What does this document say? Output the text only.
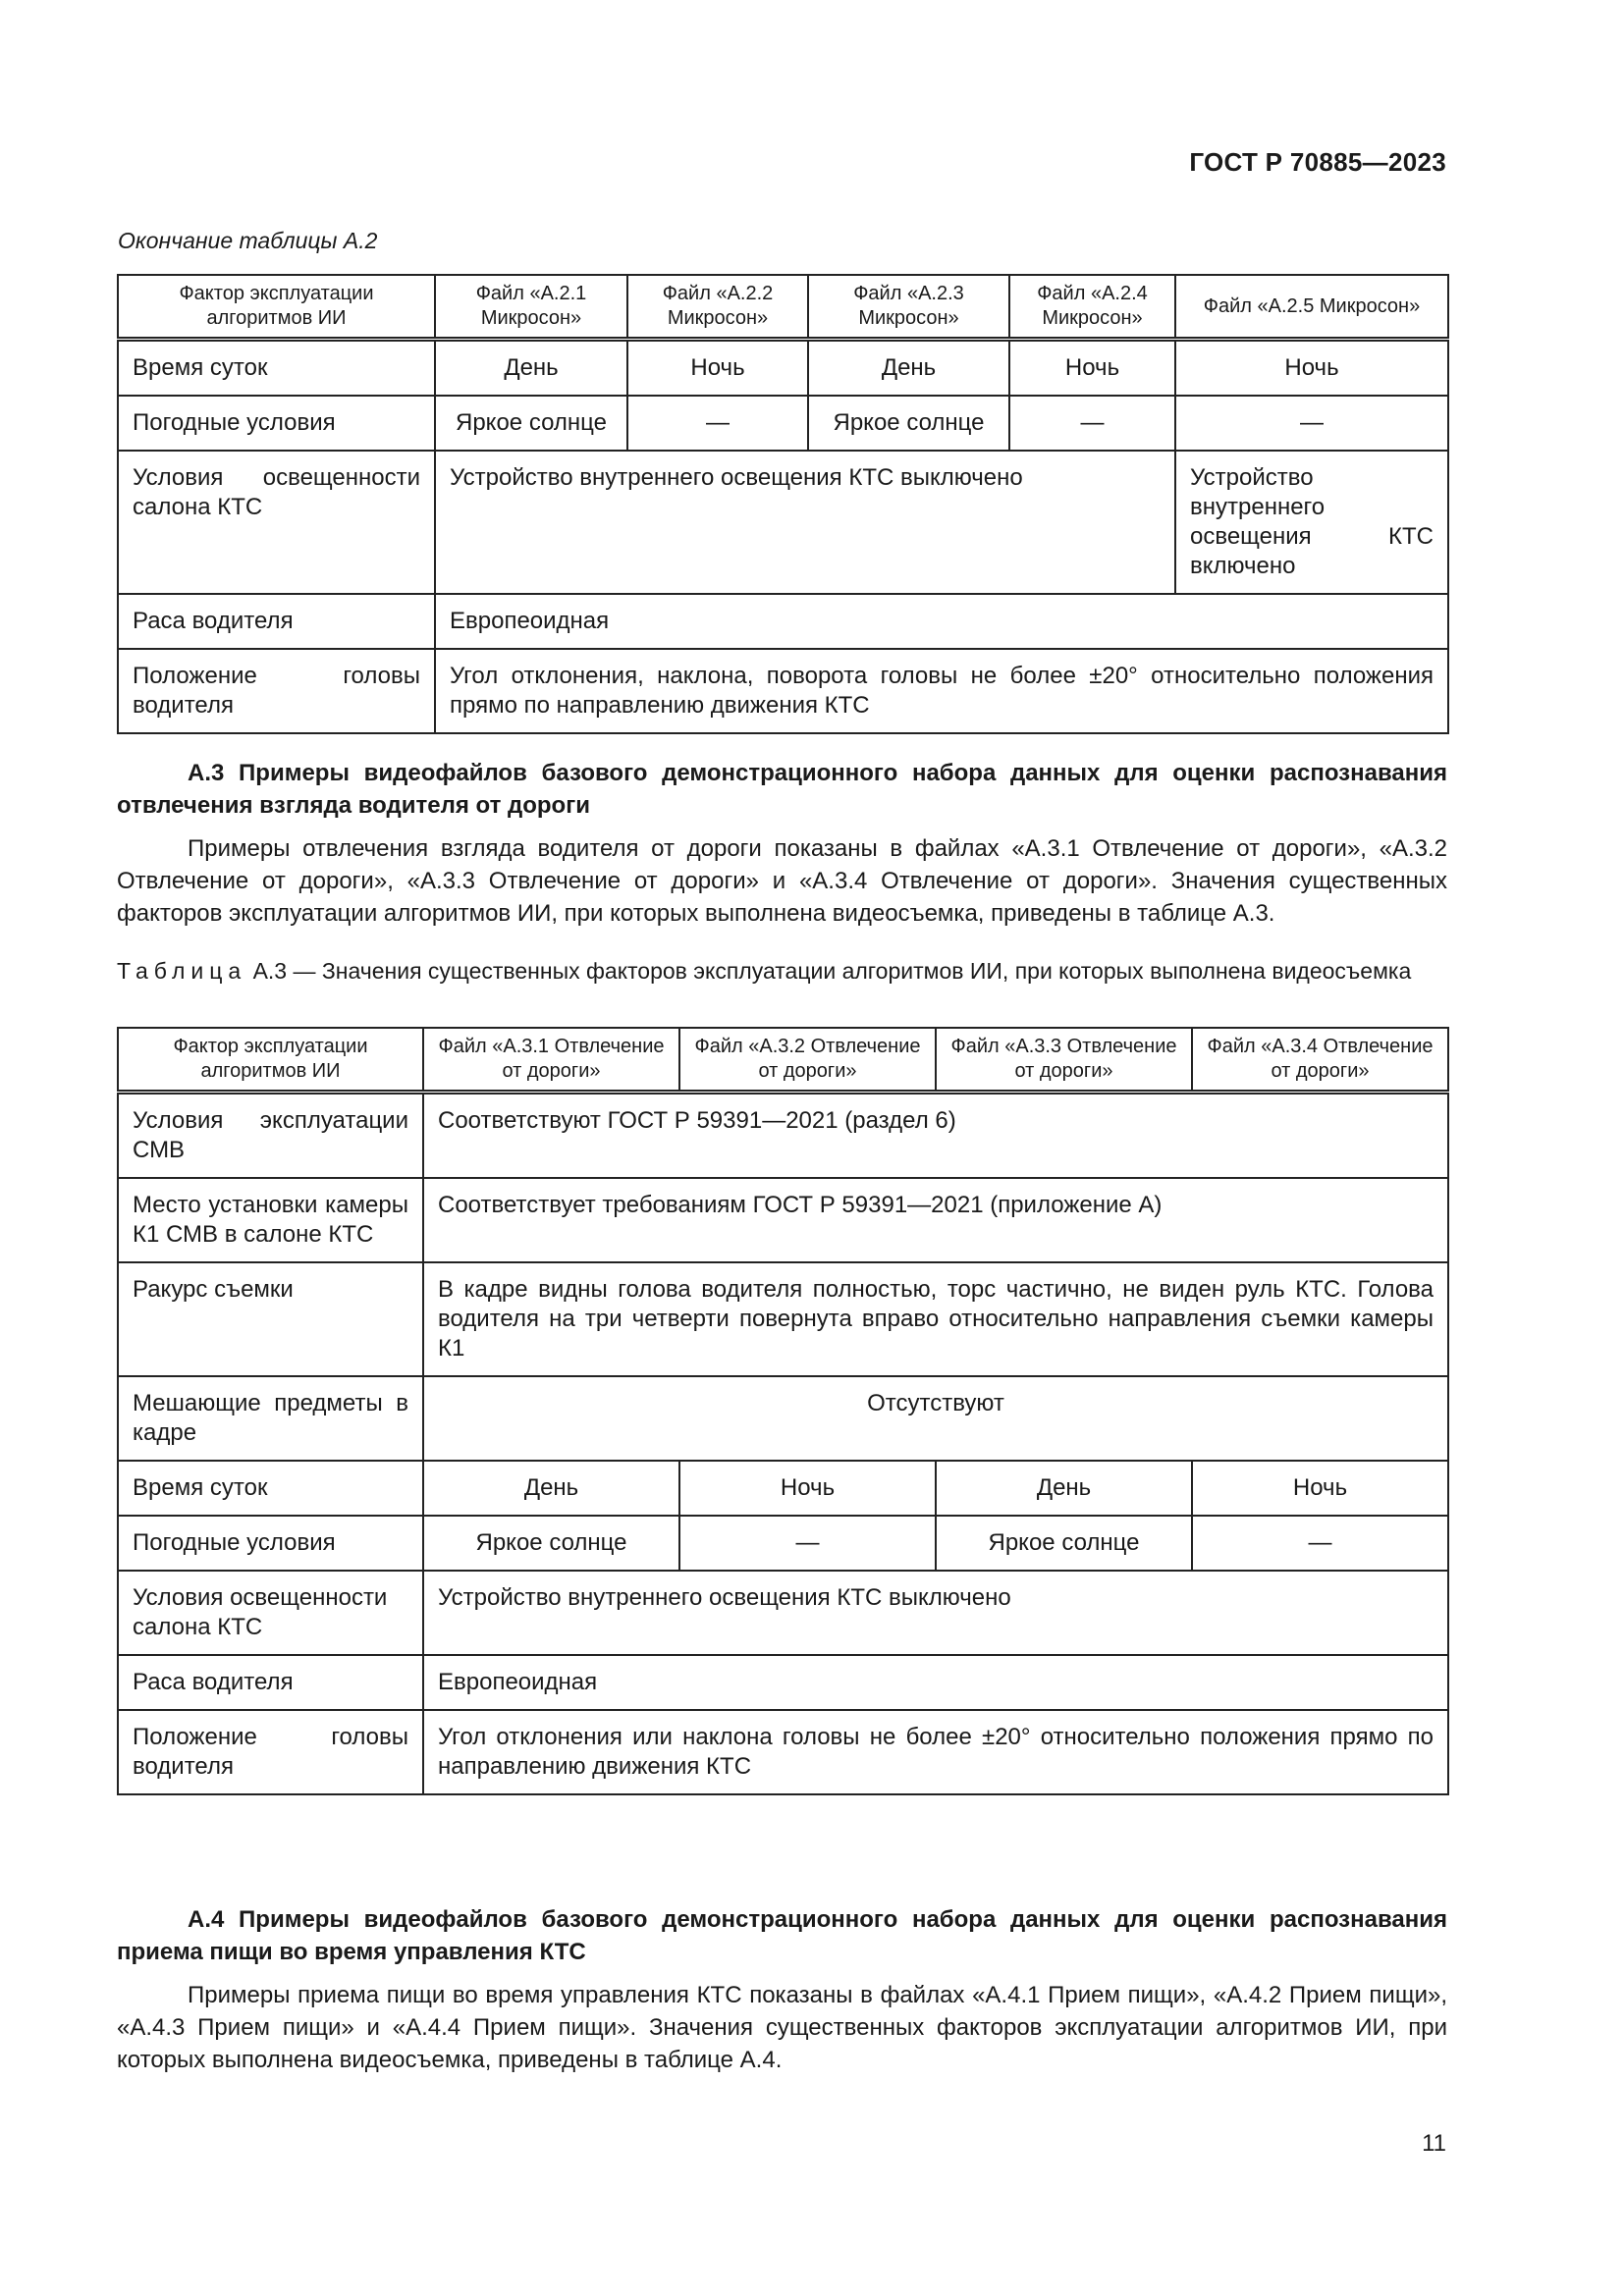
ГОСТ Р 70885—2023
Окончание таблицы А.2
Фактор эксплуатации алгоритмов ИИ	Файл «А.2.1 Микросон»	Файл «А.2.2 Микросон»	Файл «А.2.3 Микросон»	Файл «А.2.4 Микросон»	Файл «А.2.5 Микросон»
Время суток	День	Ночь	День	Ночь	Ночь
Погодные условия	Яркое солнце	—	Яркое солнце	—	—
Условия освещенности салона КТС	Устройство внутреннего освещения КТС выключено				Устройство внутреннего освещения КТС включено
Раса водителя	Европеоидная				
Положение головы водителя	Угол отклонения, наклона, поворота головы не более ±20° относительно положения прямо по направлению движения КТС				
А.3 Примеры видеофайлов базового демонстрационного набора данных для оценки распознавания отвлечения взгляда водителя от дороги
Примеры отвлечения взгляда водителя от дороги показаны в файлах «А.3.1 Отвлечение от дороги», «А.3.2 Отвлечение от дороги», «А.3.3 Отвлечение от дороги» и «А.3.4 Отвлечение от дороги». Значения существенных факторов эксплуатации алгоритмов ИИ, при которых выполнена видеосъемка, приведены в таблице А.3.
Таблица А.3 — Значения существенных факторов эксплуатации алгоритмов ИИ, при которых выполнена видеосъемка
Фактор эксплуатации алгоритмов ИИ	Файл «А.3.1 Отвлечение от дороги»	Файл «А.3.2 Отвлечение от дороги»	Файл «А.3.3 Отвлечение от дороги»	Файл «А.3.4 Отвлечение от дороги»
Условия эксплуатации СМВ	Соответствуют ГОСТ Р 59391—2021 (раздел 6)			
Место установки камеры К1 СМВ в салоне КТС	Соответствует требованиям ГОСТ Р 59391—2021 (приложение А)			
Ракурс съемки	В кадре видны голова водителя полностью, торс частично, не виден руль КТС. Голова водителя на три четверти повернута вправо относительно направления съемки камеры К1			
Мешающие предметы в кадре	Отсутствуют			
Время суток	День	Ночь	День	Ночь
Погодные условия	Яркое солнце	—	Яркое солнце	—
Условия освещенности салона КТС	Устройство внутреннего освещения КТС выключено			
Раса водителя	Европеоидная			
Положение головы водителя	Угол отклонения или наклона головы не более ±20° относительно положения прямо по направлению движения КТС			
А.4 Примеры видеофайлов базового демонстрационного набора данных для оценки распознавания приема пищи во время управления КТС
Примеры приема пищи во время управления КТС показаны в файлах «А.4.1 Прием пищи», «А.4.2 Прием пищи», «А.4.3 Прием пищи» и «А.4.4 Прием пищи». Значения существенных факторов эксплуатации алгоритмов ИИ, при которых выполнена видеосъемка, приведены в таблице А.4.
11
